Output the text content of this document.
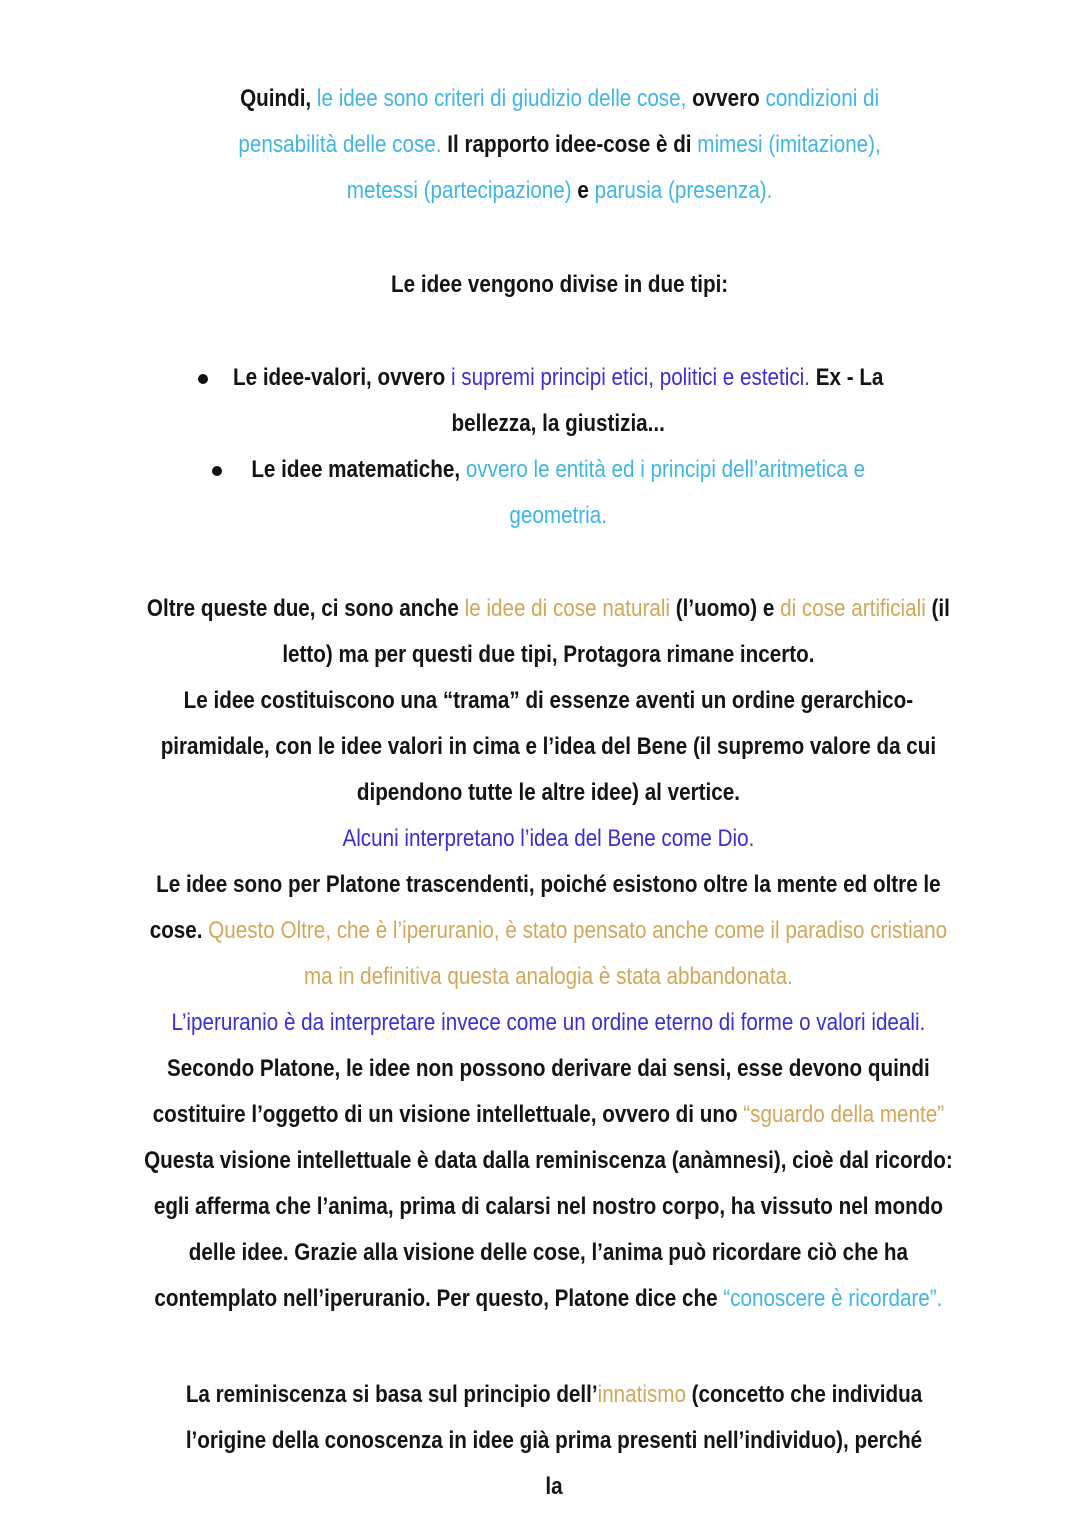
Quindi, le idee sono criteri di giudizio delle cose, ovvero condizioni di pensabilità delle cose. Il rapporto idee-cose è di mimesi (imitazione),
metessi (partecipazione) e parusia (presenza).
Le idee vengono divise in due tipi:
Le idee-valori, ovvero i supremi principi etici, politici e estetici. Ex - La bellezza, la giustizia...
Le idee matematiche, ovvero le entità ed i principi dell’aritmetica e geometria.
Oltre queste due, ci sono anche le idee di cose naturali (l’uomo) e di cose artificiali (il letto) ma per questi due tipi, Protagora rimane incerto.
Le idee costituiscono una “trama” di essenze aventi un ordine gerarchico-piramidale, con le idee valori in cima e l’idea del Bene (il supremo valore da cui dipendono tutte le altre idee) al vertice.
Alcuni interpretano l’idea del Bene come Dio.
Le idee sono per Platone trascendenti, poiché esistono oltre la mente ed oltre le cose. Questo Oltre, che è l’iperuranio, è stato pensato anche come il paradiso cristiano ma in definitiva questa analogia è stata abbandonata.
L’iperuranio è da interpretare invece come un ordine eterno di forme o valori ideali.
Secondo Platone, le idee non possono derivare dai sensi, esse devono quindi costituire l’oggetto di un visione intellettuale, ovvero di uno “sguardo della mente” Questa visione intellettuale è data dalla reminiscenza (anàmnesi), cioè dal ricordo: egli afferma che l’anima, prima di calarsi nel nostro corpo, ha vissuto nel mondo delle idee. Grazie alla visione delle cose, l’anima può ricordare ciò che ha contemplato nell’iperuranio. Per questo, Platone dice che “conoscere è ricordare”.
La reminiscenza si basa sul principio dell’innatismo (concetto che individua l’origine della conoscenza in idee già prima presenti nell’individuo), perché la
